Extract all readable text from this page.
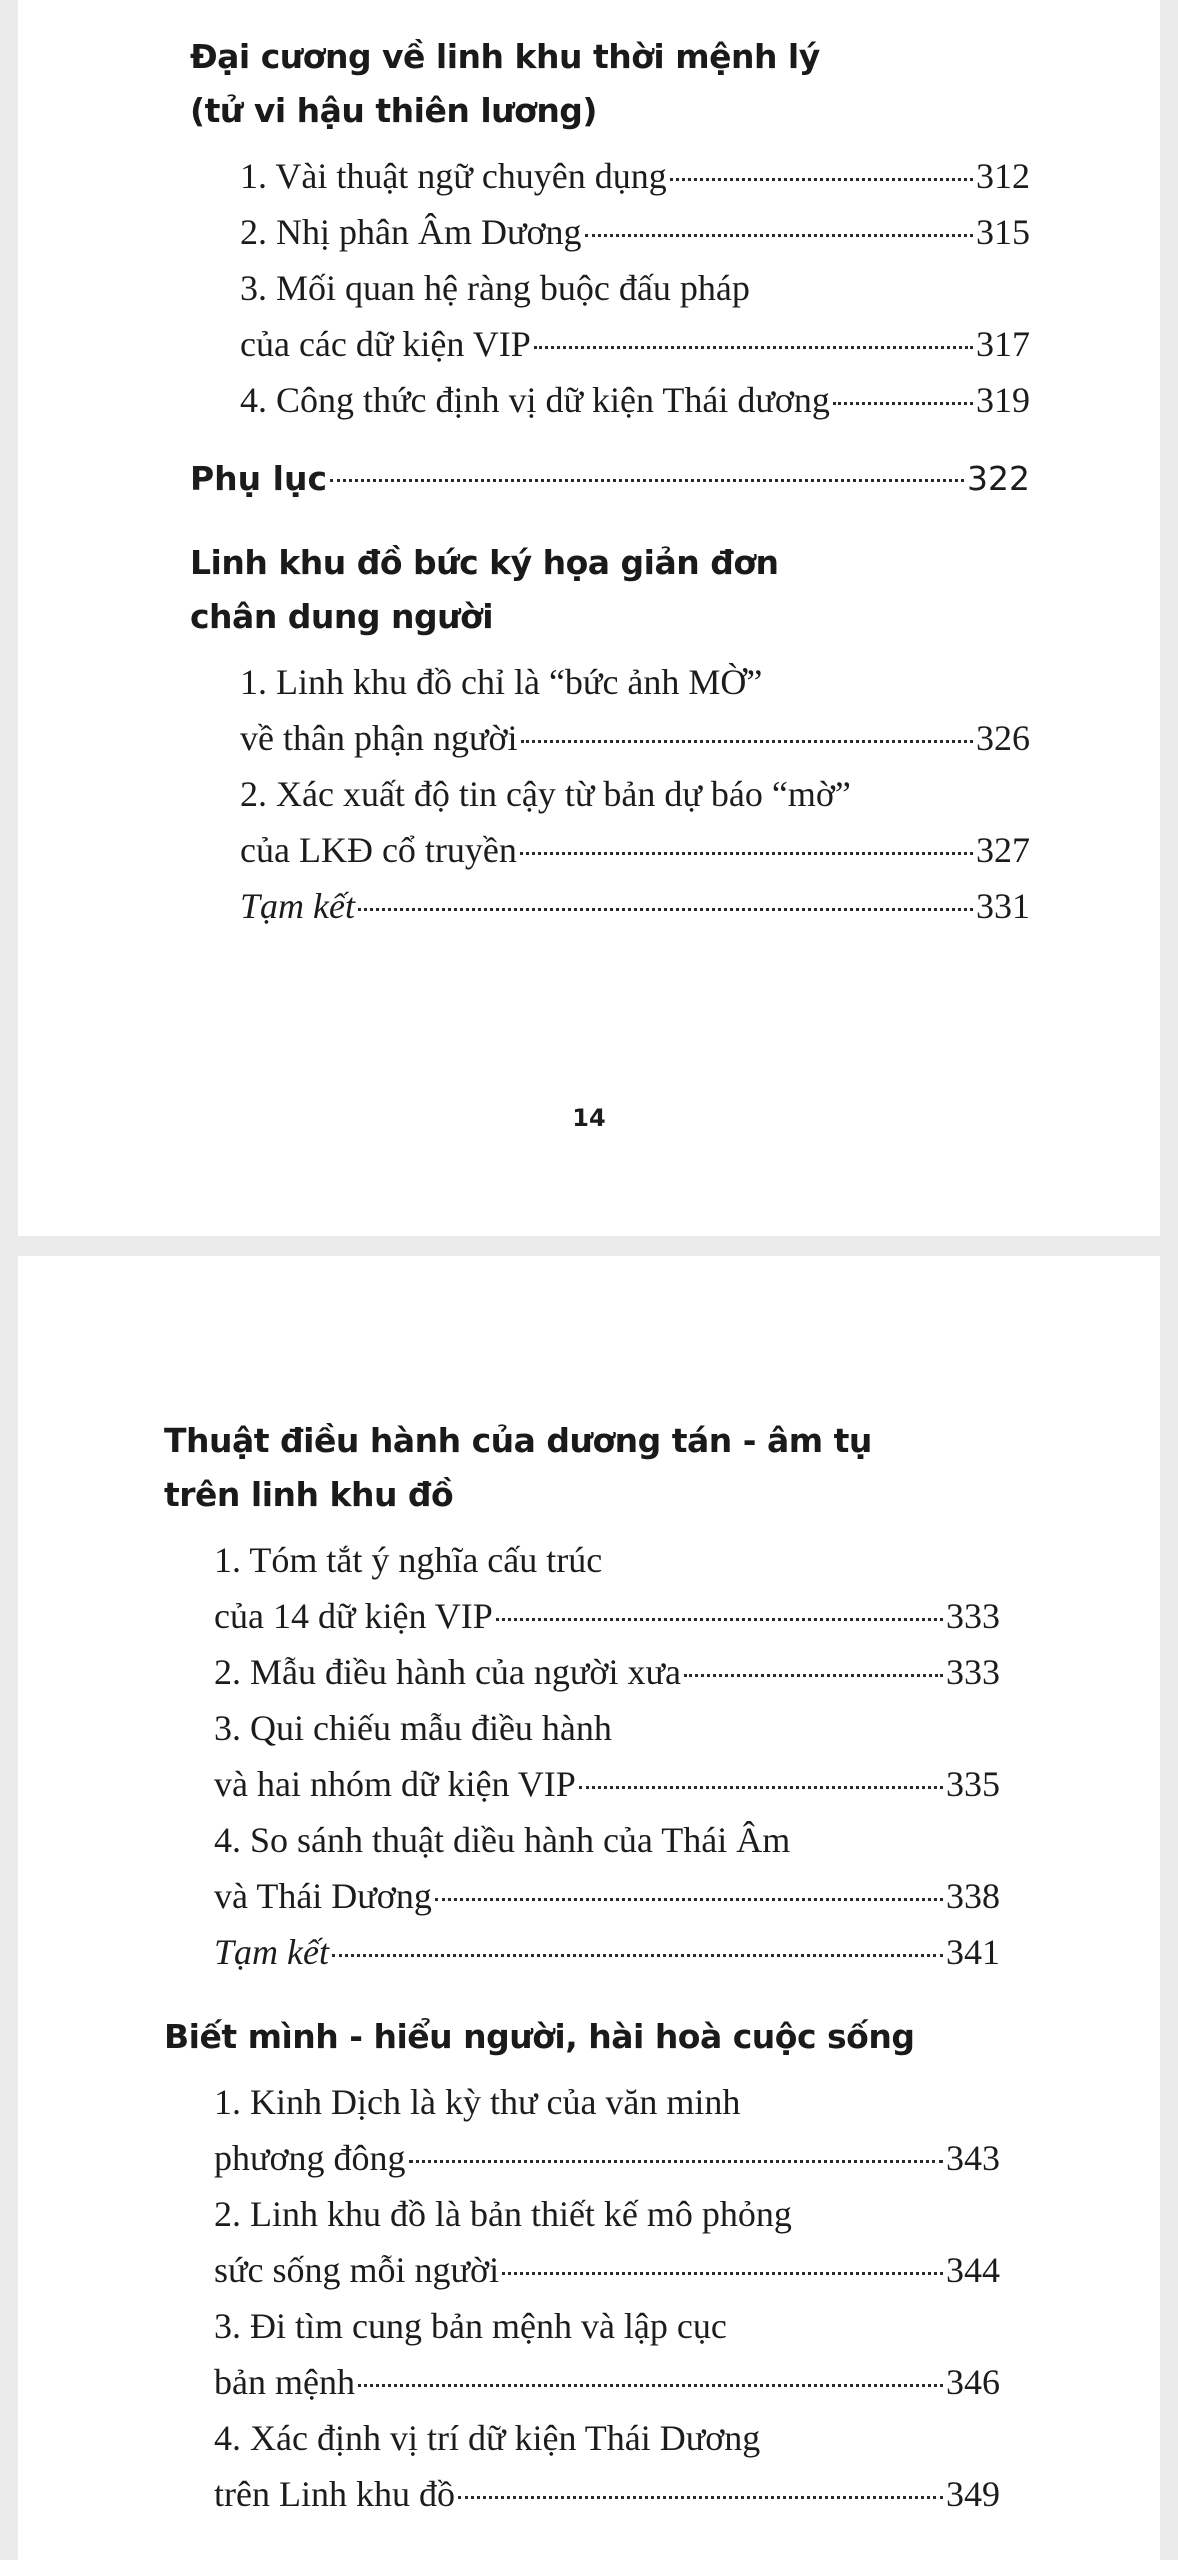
Đại cương về linh khu thời mệnh lý
(tử vi hậu thiên lương)
1. Vài thuật ngữ chuyên dụng	312
2. Nhị phân Âm Dương	315
3. Mối quan hệ ràng buộc đấu pháp
của các dữ kiện VIP	317
4. Công thức định vị dữ kiện Thái dương	319
Phụ lục	322
Linh khu đồ bức ký họa giản đơn
chân dung người
1. Linh khu đồ chỉ là “bức ảnh MỜ”
về thân phận người	326
2. Xác xuất độ tin cậy từ bản dự báo “mờ”
của LKĐ cổ truyền	327
Tạm kết	331
14
Thuật điều hành của dương tán - âm tụ
trên linh khu đồ
1. Tóm tắt ý nghĩa cấu trúc
của 14 dữ kiện VIP	333
2. Mẫu điều hành của người xưa	333
3. Qui chiếu mẫu điều hành
và hai nhóm dữ kiện VIP	335
4. So sánh thuật diều hành của Thái Âm
và Thái Dương	338
Tạm kết	341
Biết mình - hiểu người, hài hoà cuộc sống
1. Kinh Dịch là kỳ thư của văn minh
phương đông	343
2. Linh khu đồ là bản thiết kế mô phỏng
sức sống mỗi người	344
3. Đi tìm cung bản mệnh và lập cục
bản mệnh	346
4. Xác định vị trí dữ kiện Thái Dương
trên Linh khu đồ	349
